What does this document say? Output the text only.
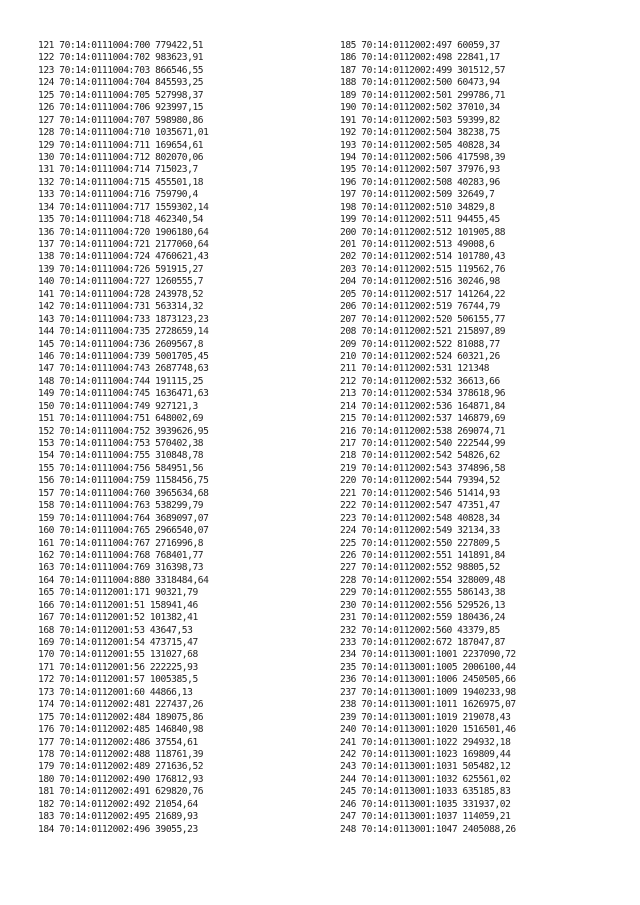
121 70:14:0111004:700 779422,51
122 70:14:0111004:702 983623,91
123 70:14:0111004:703 866546,55
124 70:14:0111004:704 845593,25
125 70:14:0111004:705 527998,37
126 70:14:0111004:706 923997,15
127 70:14:0111004:707 598980,86
128 70:14:0111004:710 1035671,01
129 70:14:0111004:711 169654,61
130 70:14:0111004:712 802070,06
131 70:14:0111004:714 715023,7
132 70:14:0111004:715 455501,18
133 70:14:0111004:716 759790,4
134 70:14:0111004:717 1559302,14
135 70:14:0111004:718 462340,54
136 70:14:0111004:720 1906180,64
137 70:14:0111004:721 2177060,64
138 70:14:0111004:724 4760621,43
139 70:14:0111004:726 591915,27
140 70:14:0111004:727 1260555,7
141 70:14:0111004:728 243978,52
142 70:14:0111004:731 563314,32
143 70:14:0111004:733 1873123,23
144 70:14:0111004:735 2728659,14
145 70:14:0111004:736 2609567,8
146 70:14:0111004:739 5001705,45
147 70:14:0111004:743 2687748,63
148 70:14:0111004:744 191115,25
149 70:14:0111004:745 1636471,63
150 70:14:0111004:749 927121,3
151 70:14:0111004:751 648002,69
152 70:14:0111004:752 3939626,95
153 70:14:0111004:753 570402,38
154 70:14:0111004:755 310848,78
155 70:14:0111004:756 584951,56
156 70:14:0111004:759 1158456,75
157 70:14:0111004:760 3965634,68
158 70:14:0111004:763 538299,79
159 70:14:0111004:764 3689097,07
160 70:14:0111004:765 2966540,07
161 70:14:0111004:767 2716996,8
162 70:14:0111004:768 768401,77
163 70:14:0111004:769 316398,73
164 70:14:0111004:880 3318484,64
165 70:14:0112001:171 90321,79
166 70:14:0112001:51 158941,46
167 70:14:0112001:52 101382,41
168 70:14:0112001:53 43647,53
169 70:14:0112001:54 473715,47
170 70:14:0112001:55 131027,68
171 70:14:0112001:56 222225,93
172 70:14:0112001:57 1005385,5
173 70:14:0112001:60 44866,13
174 70:14:0112002:481 227437,26
175 70:14:0112002:484 189075,86
176 70:14:0112002:485 146840,98
177 70:14:0112002:486 37554,61
178 70:14:0112002:488 118761,39
179 70:14:0112002:489 271636,52
180 70:14:0112002:490 176812,93
181 70:14:0112002:491 629820,76
182 70:14:0112002:492 21054,64
183 70:14:0112002:495 21689,93
184 70:14:0112002:496 39055,23
185 70:14:0112002:497 60059,37
186 70:14:0112002:498 22841,17
187 70:14:0112002:499 301512,57
188 70:14:0112002:500 60473,94
189 70:14:0112002:501 299786,71
190 70:14:0112002:502 37010,34
191 70:14:0112002:503 59399,82
192 70:14:0112002:504 38238,75
193 70:14:0112002:505 40828,34
194 70:14:0112002:506 417598,39
195 70:14:0112002:507 37976,93
196 70:14:0112002:508 40283,96
197 70:14:0112002:509 32649,7
198 70:14:0112002:510 34829,8
199 70:14:0112002:511 94455,45
200 70:14:0112002:512 101905,88
201 70:14:0112002:513 49008,6
202 70:14:0112002:514 101780,43
203 70:14:0112002:515 119562,76
204 70:14:0112002:516 30246,98
205 70:14:0112002:517 141264,22
206 70:14:0112002:519 76744,79
207 70:14:0112002:520 506155,77
208 70:14:0112002:521 215897,89
209 70:14:0112002:522 81088,77
210 70:14:0112002:524 60321,26
211 70:14:0112002:531 121348
212 70:14:0112002:532 36613,66
213 70:14:0112002:534 378618,96
214 70:14:0112002:536 164871,84
215 70:14:0112002:537 146879,69
216 70:14:0112002:538 269074,71
217 70:14:0112002:540 222544,99
218 70:14:0112002:542 54826,62
219 70:14:0112002:543 374896,58
220 70:14:0112002:544 79394,52
221 70:14:0112002:546 51414,93
222 70:14:0112002:547 47351,47
223 70:14:0112002:548 40828,34
224 70:14:0112002:549 32134,33
225 70:14:0112002:550 227809,5
226 70:14:0112002:551 141891,84
227 70:14:0112002:552 98805,52
228 70:14:0112002:554 328009,48
229 70:14:0112002:555 586143,38
230 70:14:0112002:556 529526,13
231 70:14:0112002:559 180436,24
232 70:14:0112002:560 43379,85
233 70:14:0112002:672 187047,87
234 70:14:0113001:1001 2237090,72
235 70:14:0113001:1005 2006100,44
236 70:14:0113001:1006 2450505,66
237 70:14:0113001:1009 1940233,98
238 70:14:0113001:1011 1626975,07
239 70:14:0113001:1019 219078,43
240 70:14:0113001:1020 1516501,46
241 70:14:0113001:1022 294932,18
242 70:14:0113001:1023 169809,44
243 70:14:0113001:1031 505482,12
244 70:14:0113001:1032 625561,02
245 70:14:0113001:1033 635185,83
246 70:14:0113001:1035 331937,02
247 70:14:0113001:1037 114059,21
248 70:14:0113001:1047 2405088,26
